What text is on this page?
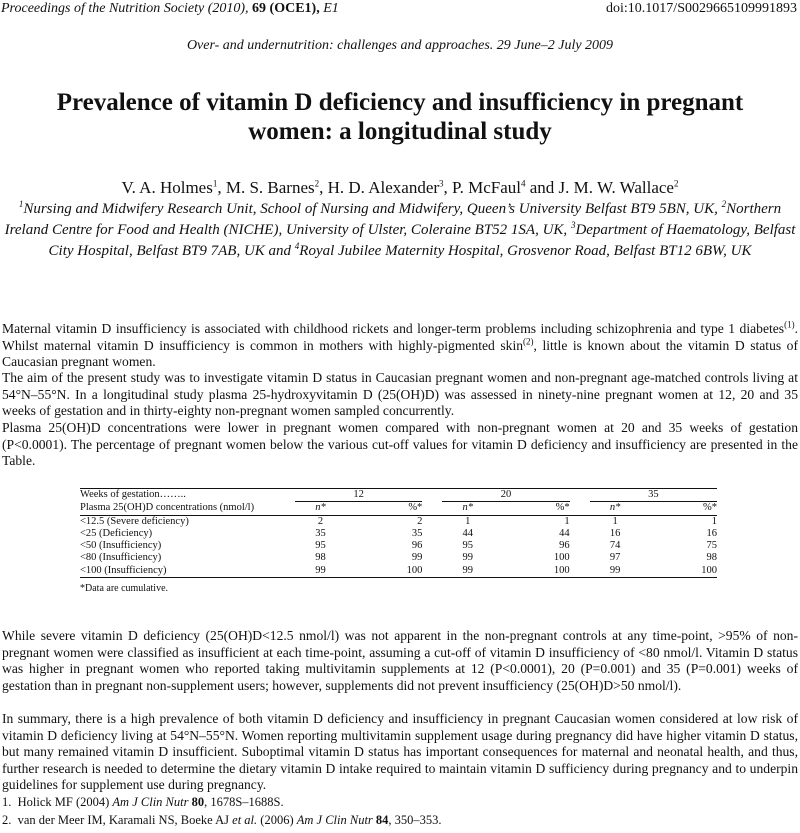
Proceedings of the Nutrition Society (2010), 69 (OCE1), E1	doi:10.1017/S0029665109991893
Over- and undernutrition: challenges and approaches. 29 June–2 July 2009
Prevalence of vitamin D deficiency and insufficiency in pregnant women: a longitudinal study
V. A. Holmes$^1$, M. S. Barnes$^2$, H. D. Alexander$^3$, P. McFaul$^4$ and J. M. W. Wallace$^2$
$^1$Nursing and Midwifery Research Unit, School of Nursing and Midwifery, Queen’s University Belfast BT9 5BN, UK, $^2$Northern Ireland Centre for Food and Health (NICHE), University of Ulster, Coleraine BT52 1SA, UK, $^3$Department of Haematology, Belfast City Hospital, Belfast BT9 7AB, UK and $^4$Royal Jubilee Maternity Hospital, Grosvenor Road, Belfast BT12 6BW, UK

Maternal vitamin D insufficiency is associated with childhood rickets and longer-term problems including schizophrenia and type 1 diabetes$^{(1)}$. Whilst maternal vitamin D insufficiency is common in mothers with highly-pigmented skin$^{(2)}$, little is known about the vitamin D status of Caucasian pregnant women.

The aim of the present study was to investigate vitamin D status in Caucasian pregnant women and non-pregnant age-matched controls living at 54°N–55°N. In a longitudinal study plasma 25-hydroxyvitamin D (25(OH)D) was assessed in ninety-nine pregnant women at 12, 20 and 35 weeks of gestation and in thirty-eighty non-pregnant women sampled concurrently.

Plasma 25(OH)D concentrations were lower in pregnant women compared with non-pregnant women at 20 and 35 weeks of gestation (P<0.0001). The percentage of pregnant women below the various cut-off values for vitamin D deficiency and insufficiency are presented in the Table.

Weeks of gestation……..	12			20			35	
Plasma 25(OH)D concentrations (nmol/l)	n*	%*		n*	%*		n*	%*
<12.5 (Severe deficiency)	2	2		1	1		1	1
<25 (Deficiency)	35	35		44	44		16	16
<50 (Insufficiency)	95	96		95	96		74	75
<80 (Insufficiency)	98	99		99	100		97	98
<100 (Insufficiency)	99	100		99	100		99	100
*Data are cumulative.

While severe vitamin D deficiency (25(OH)D<12.5 nmol/l) was not apparent in the non-pregnant controls at any time-point, >95% of non-pregnant women were classified as insufficient at each time-point, assuming a cut-off of vitamin D insufficiency of <80 nmol/l. Vitamin D status was higher in pregnant women who reported taking multivitamin supplements at 12 (P<0.0001), 20 (P=0.001) and 35 (P=0.001) weeks of gestation than in pregnant non-supplement users; however, supplements did not prevent insufficiency (25(OH)D>50 nmol/l).

In summary, there is a high prevalence of both vitamin D deficiency and insufficiency in pregnant Caucasian women considered at low risk of vitamin D deficiency living at 54°N–55°N. Women reporting multivitamin supplement usage during pregnancy did have higher vitamin D status, but many remained vitamin D insufficient. Suboptimal vitamin D status has important consequences for maternal and neonatal health, and thus, further research is needed to determine the dietary vitamin D intake required to maintain vitamin D sufficiency during pregnancy and to underpin guidelines for supplement use during pregnancy.

1. Holick MF (2004) Am J Clin Nutr 80, 1678S–1688S.
2. van der Meer IM, Karamali NS, Boeke AJ et al. (2006) Am J Clin Nutr 84, 350–353.
